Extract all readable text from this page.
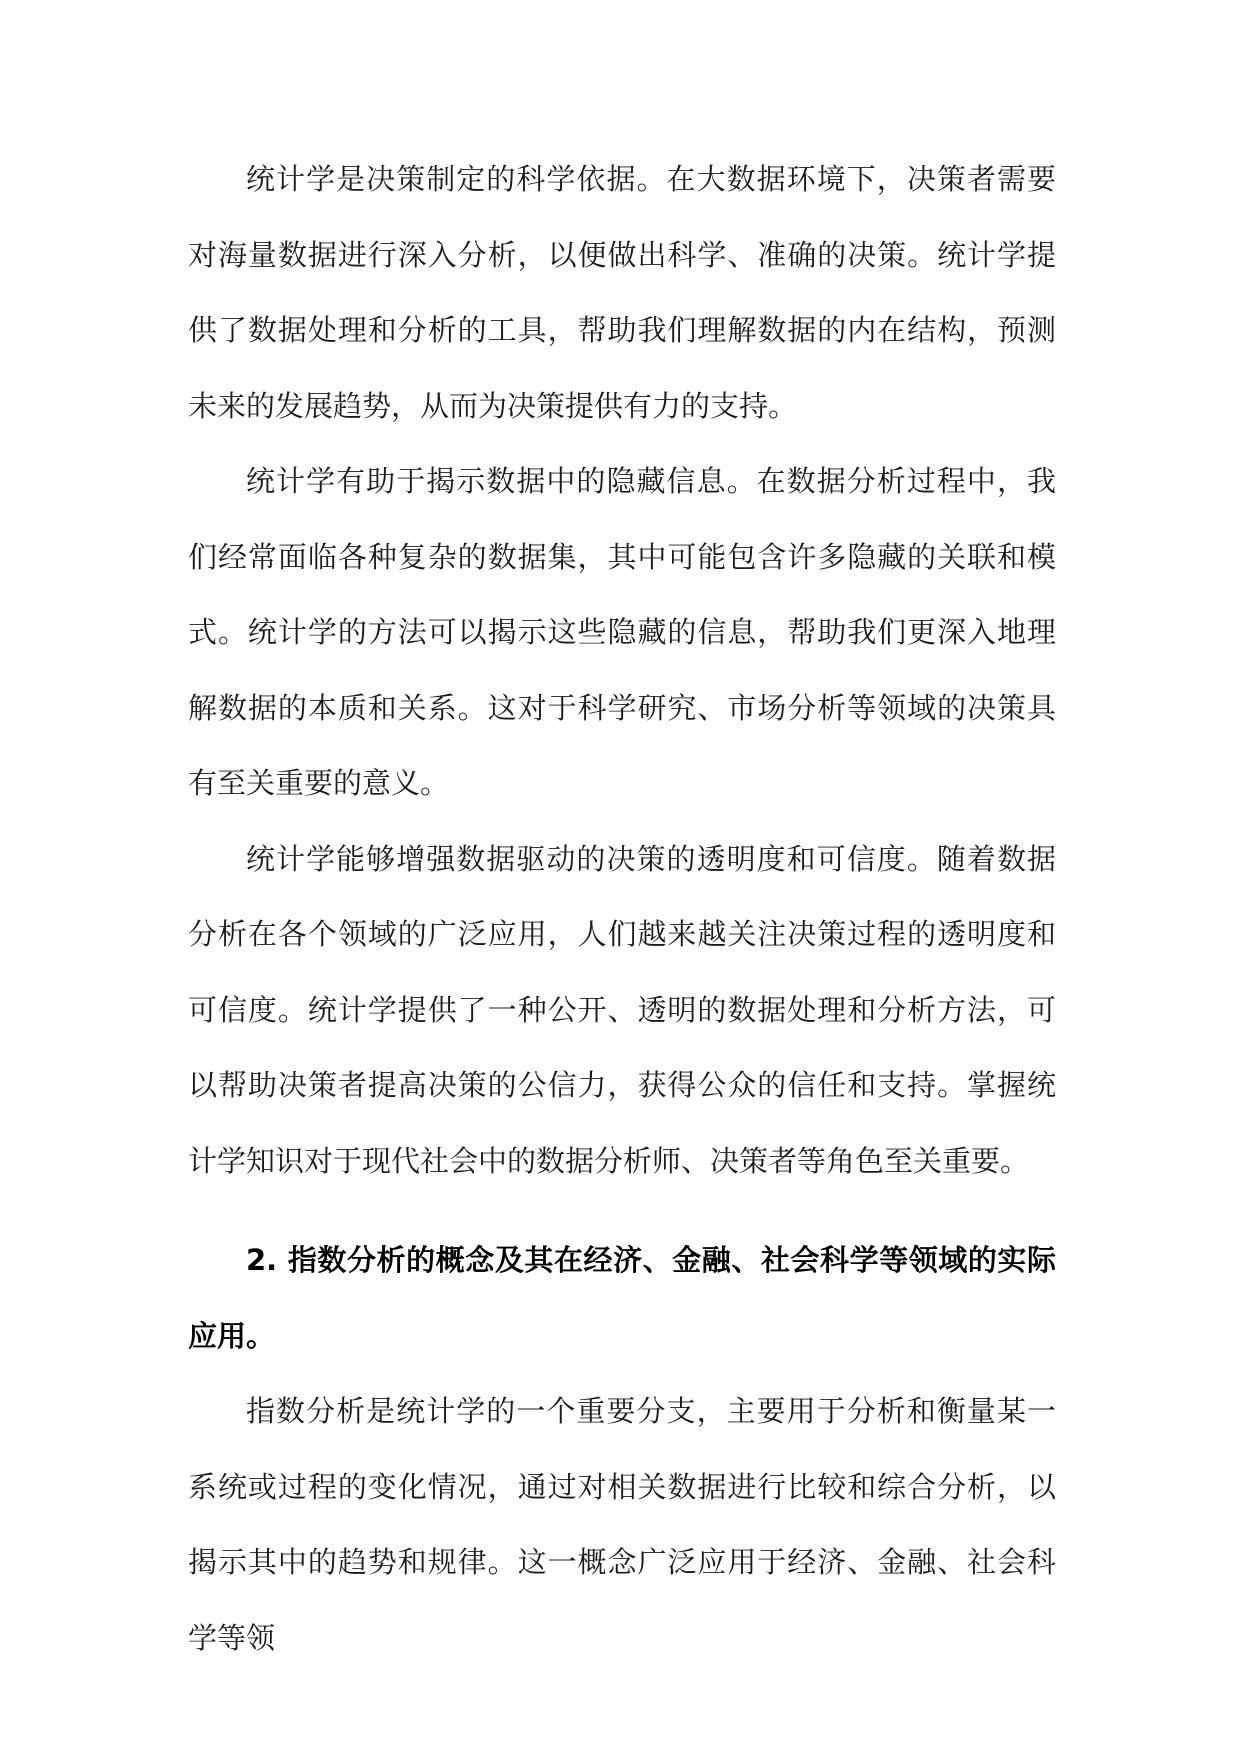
统计学是决策制定的科学依据。在大数据环境下，决策者需要对海量数据进行深入分析，以便做出科学、准确的决策。统计学提供了数据处理和分析的工具，帮助我们理解数据的内在结构，预测未来的发展趋势，从而为决策提供有力的支持。

统计学有助于揭示数据中的隐藏信息。在数据分析过程中，我们经常面临各种复杂的数据集，其中可能包含许多隐藏的关联和模式。统计学的方法可以揭示这些隐藏的信息，帮助我们更深入地理解数据的本质和关系。这对于科学研究、市场分析等领域的决策具有至关重要的意义。

统计学能够增强数据驱动的决策的透明度和可信度。随着数据分析在各个领域的广泛应用，人们越来越关注决策过程的透明度和可信度。统计学提供了一种公开、透明的数据处理和分析方法，可以帮助决策者提高决策的公信力，获得公众的信任和支持。掌握统计学知识对于现代社会中的数据分析师、决策者等角色至关重要。

2. 指数分析的概念及其在经济、金融、社会科学等领域的实际应用。

指数分析是统计学的一个重要分支，主要用于分析和衡量某一系统或过程的变化情况，通过对相关数据进行比较和综合分析，以揭示其中的趋势和规律。这一概念广泛应用于经济、金融、社会科学等领
